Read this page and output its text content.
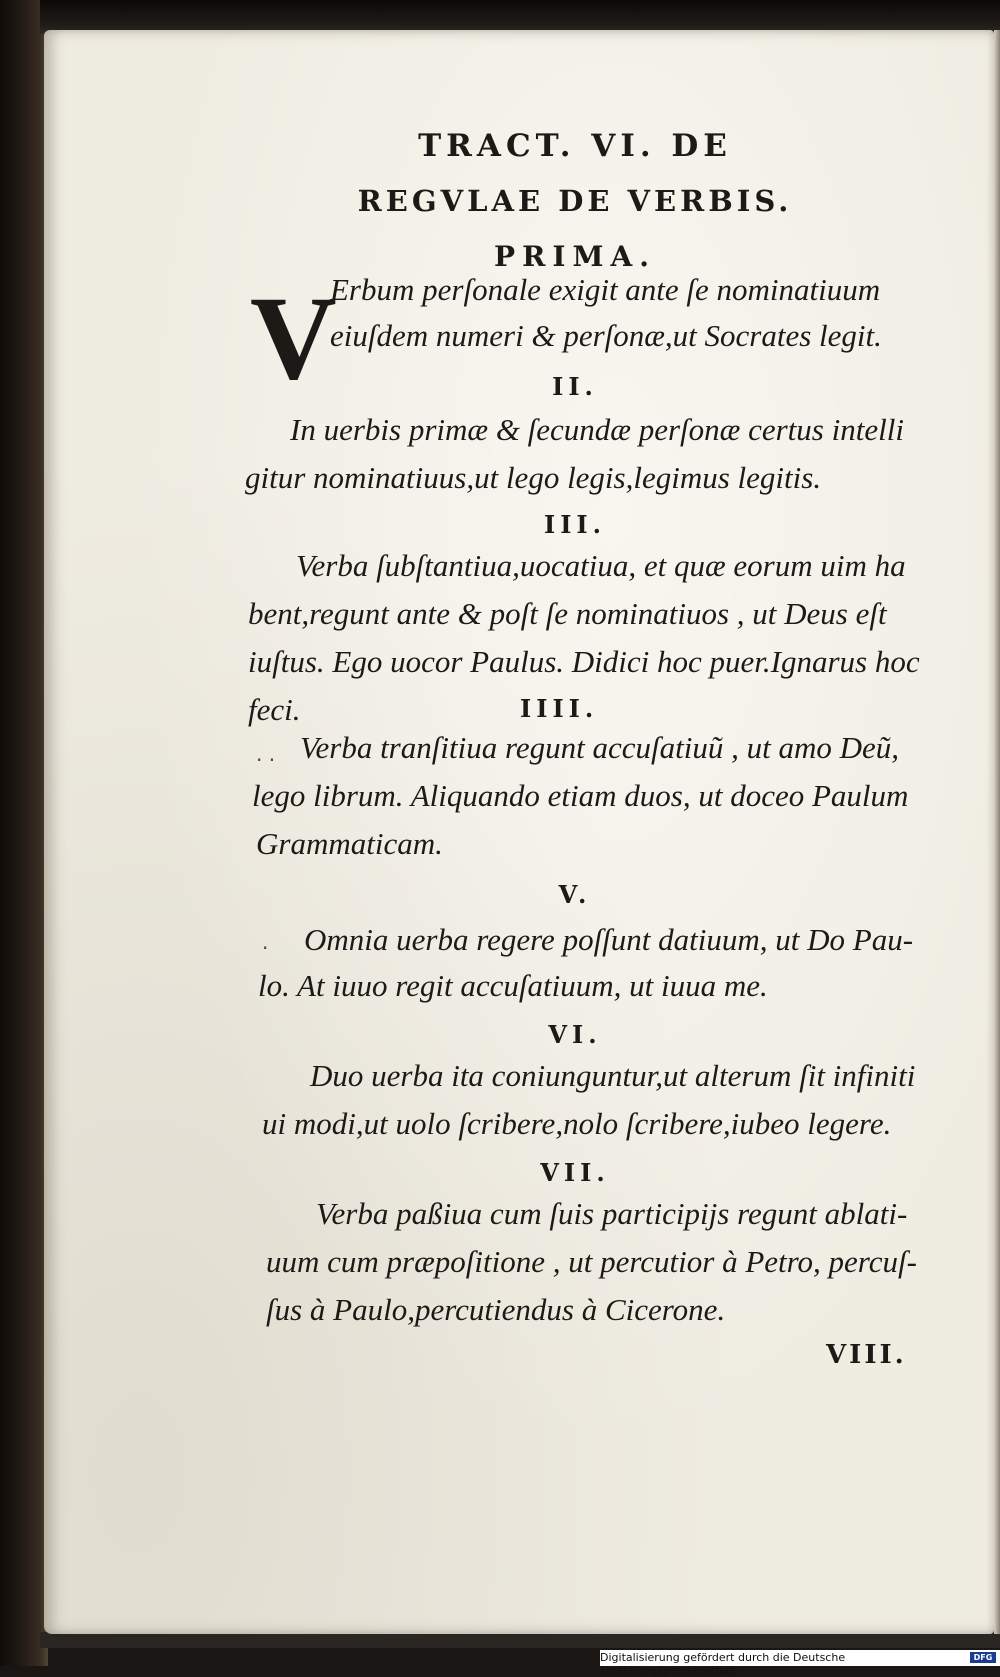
TRACT. VI. DE
REGVLAE DE VERBIS.
PRIMA.
V
Erbum perſonale exigit ante ſe nominatiuum
eiuſdem numeri & perſonæ,ut Socrates legit.
II.
In uerbis primæ & ſecundæ perſonæ certus intelli
gitur nominatiuus,ut lego legis,legimus legitis.
III.
Verba ſubſtantiua,uocatiua, et quæ eorum uim ha
bent,regunt ante & poſt ſe nominatiuos , ut Deus eſt
iuſtus. Ego uocor Paulus. Didici hoc puer.Ignarus hoc
feci.	IIII.
Verba tranſitiua regunt accuſatiuũ , ut amo Deũ,
lego librum. Aliquando etiam duos, ut doceo Paulum
Grammaticam.
V.
Omnia uerba regere poſſunt datiuum, ut Do Pau-
lo. At iuuo regit accuſatiuum, ut iuua me.
VI.
Duo uerba ita coniunguntur,ut alterum ſit infiniti
ui modi,ut uolo ſcribere,nolo ſcribere,iubeo legere.
VII.
Verba paßiua cum ſuis participijs regunt ablati-
uum cum præpoſitione , ut percutior à Petro, percuſ-
ſus à Paulo,percutiendus à Cicerone.
VIII.
· ·
·
Digitalisierung gefördert durch die Deutsche Forschungsgemeinschaft -
DFG
